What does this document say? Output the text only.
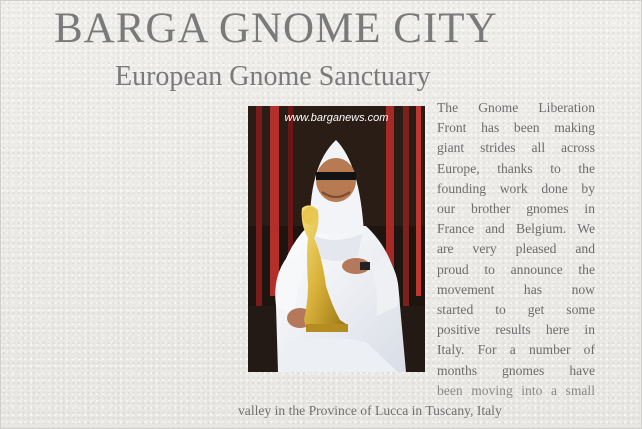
BARGA GNOME CITY
European Gnome Sanctuary
www.barganews.com

The Gnome Liberation
Front has been making
giant strides all across
Europe, thanks to the
founding work done by
our brother gnomes in
France and Belgium. We
are very pleased and
proud to announce the
movement has now
started to get some
positive results here in
Italy. For a number of
months gnomes have
been moving into a small

valley in the Province of Lucca in Tuscany, Italy
